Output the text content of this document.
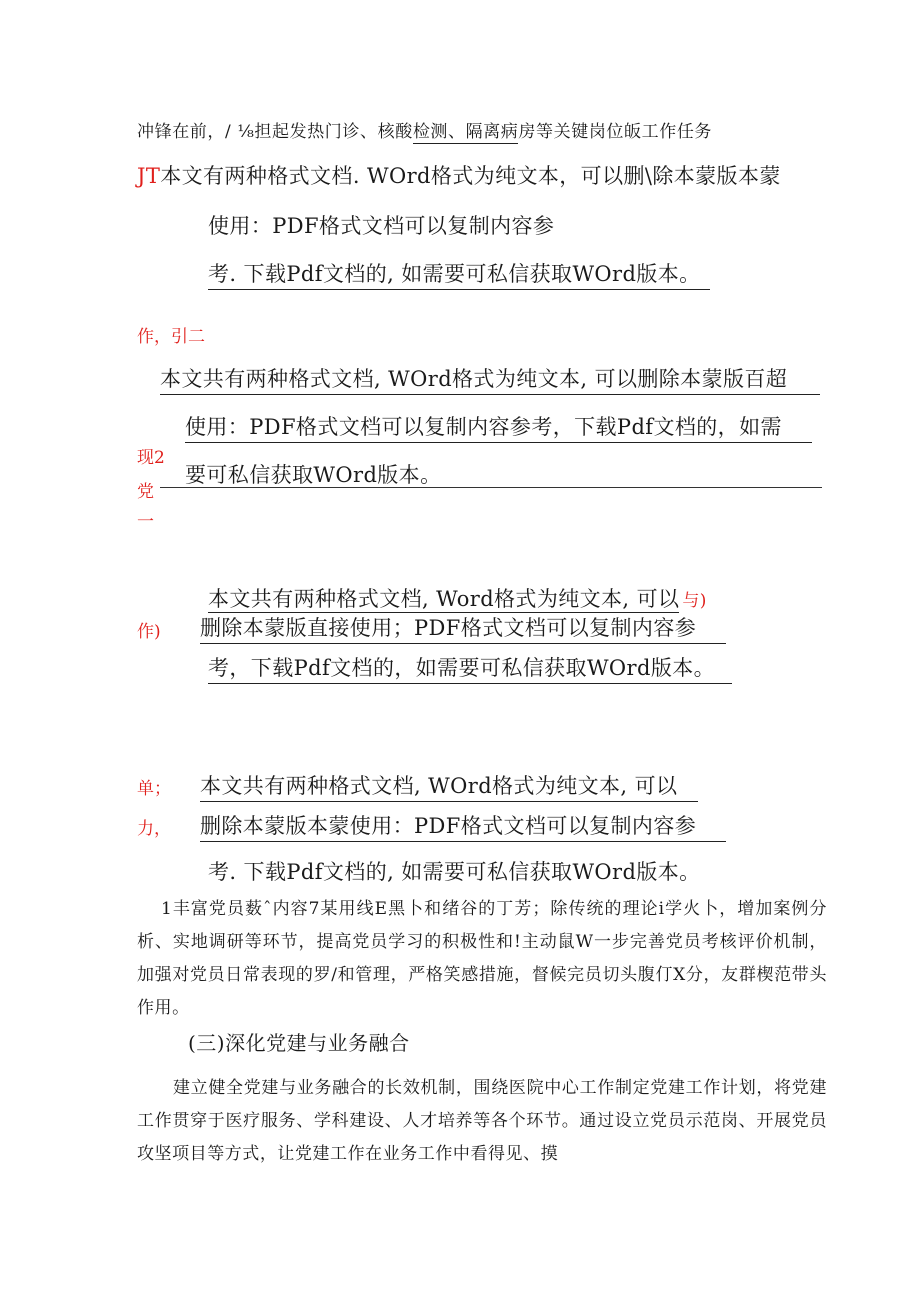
冲锋在前，/ ⅛担起发热门诊、核酸检测、隔离病房等关键岗位皈工作任务
JT本文有两种格式文档. WOrd格式为纯文本，可以删\除本蒙版本蒙
使用：PDF格式文档可以复制内容参
考. 下载Pdf文档的, 如需要可私信获取WOrd版本。
作，引二
本文共有两种格式文档, WOrd格式为纯文本, 可以删除本蒙版百超
使用：PDF格式文档可以复制内容参考，下载Pdf文档的，如需
现2
要可私信获取WOrd版本。
党
一
本文共有两种格式文档, Word格式为纯文本, 可以 与)
作) 删除本蒙版直接使用；PDF格式文档可以复制内容参
考，下载Pdf文档的，如需要可私信获取WOrd版本。
单； 本文共有两种格式文档, WOrd格式为纯文本, 可以
力， 删除本蒙版本蒙使用：PDF格式文档可以复制内容参
考. 下载Pdf文档的, 如需要可私信获取WOrd版本。
1丰富党员薮ˆ内容7某用线E黑卜和绪谷的丁芳；除传统的理论i学火卜，增加案例分析、实地调研等环节，提高党员学习的积极性和!主动鼠W一步完善党员考核评价机制，加强对党员日常表现的罗/和管理，严格笑感措施，督候完员切头腹仃X分，友群楔范带头作用。
(三)深化党建与业务融合
建立健全党建与业务融合的长效机制，围绕医院中心工作制定党建工作计划，将党建工作贯穿于医疗服务、学科建设、人才培养等各个环节。通过设立党员示范岗、开展党员攻坚项目等方式，让党建工作在业务工作中看得见、摸
